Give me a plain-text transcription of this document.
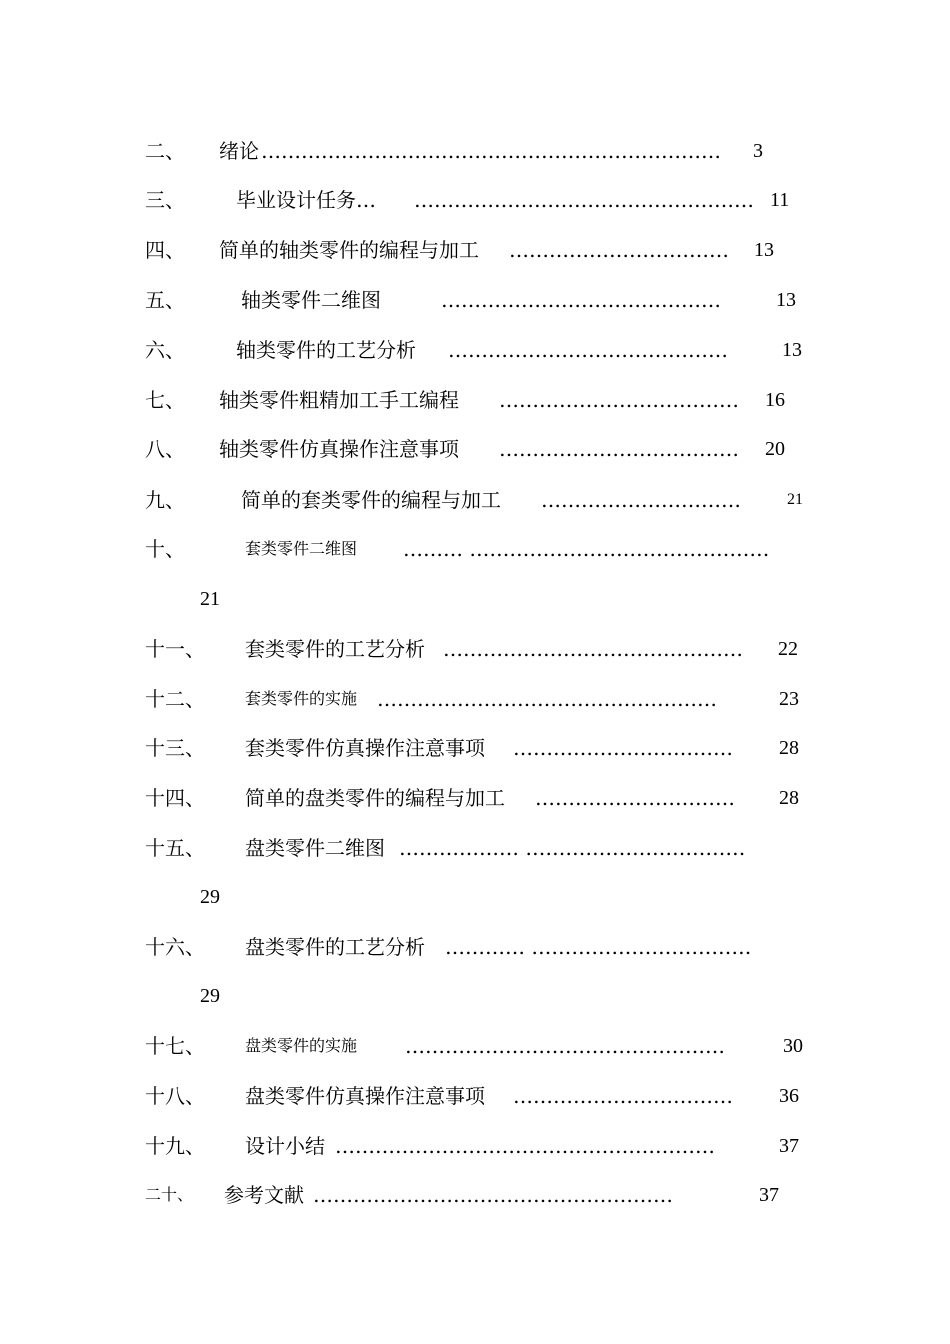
二、 绪论 ……………………………………………………………	3
三、	毕业设计任务… …………………………………………… 11
四、 简单的轴类零件的编程与加工 ……………………………	13
五、	轴类零件二维图	……………………………………	13
六、	轴类零件的工艺分析 ……………………………………	13
七、 轴类零件粗精加工手工编程 ………………………………	16
八、 轴类零件仿真操作注意事项 ………………………………	20
九、	简单的套类零件的编程与加工 …………………………	21
十、	套类零件二维图 ……… ………………………………………
21
十一、 套类零件的工艺分析 ………………………………………	22
十二、	套类零件的实施 ……………………………………………	23
十三、 套类零件仿真操作注意事项 ……………………………	28
十四、 简单的盘类零件的编程与加工 …………………………	28
十五、 盘类零件二维图 ……………… ……………………………
29
十六、 盘类零件的工艺分析 ………… ……………………………
29
十七、	盘类零件的实施 …………………………………………	30
十八、 盘类零件仿真操作注意事项 ……………………………	36
十九、 设计小结 …………………………………………………	37
二十、 参考文献 ………………………………………………	37
